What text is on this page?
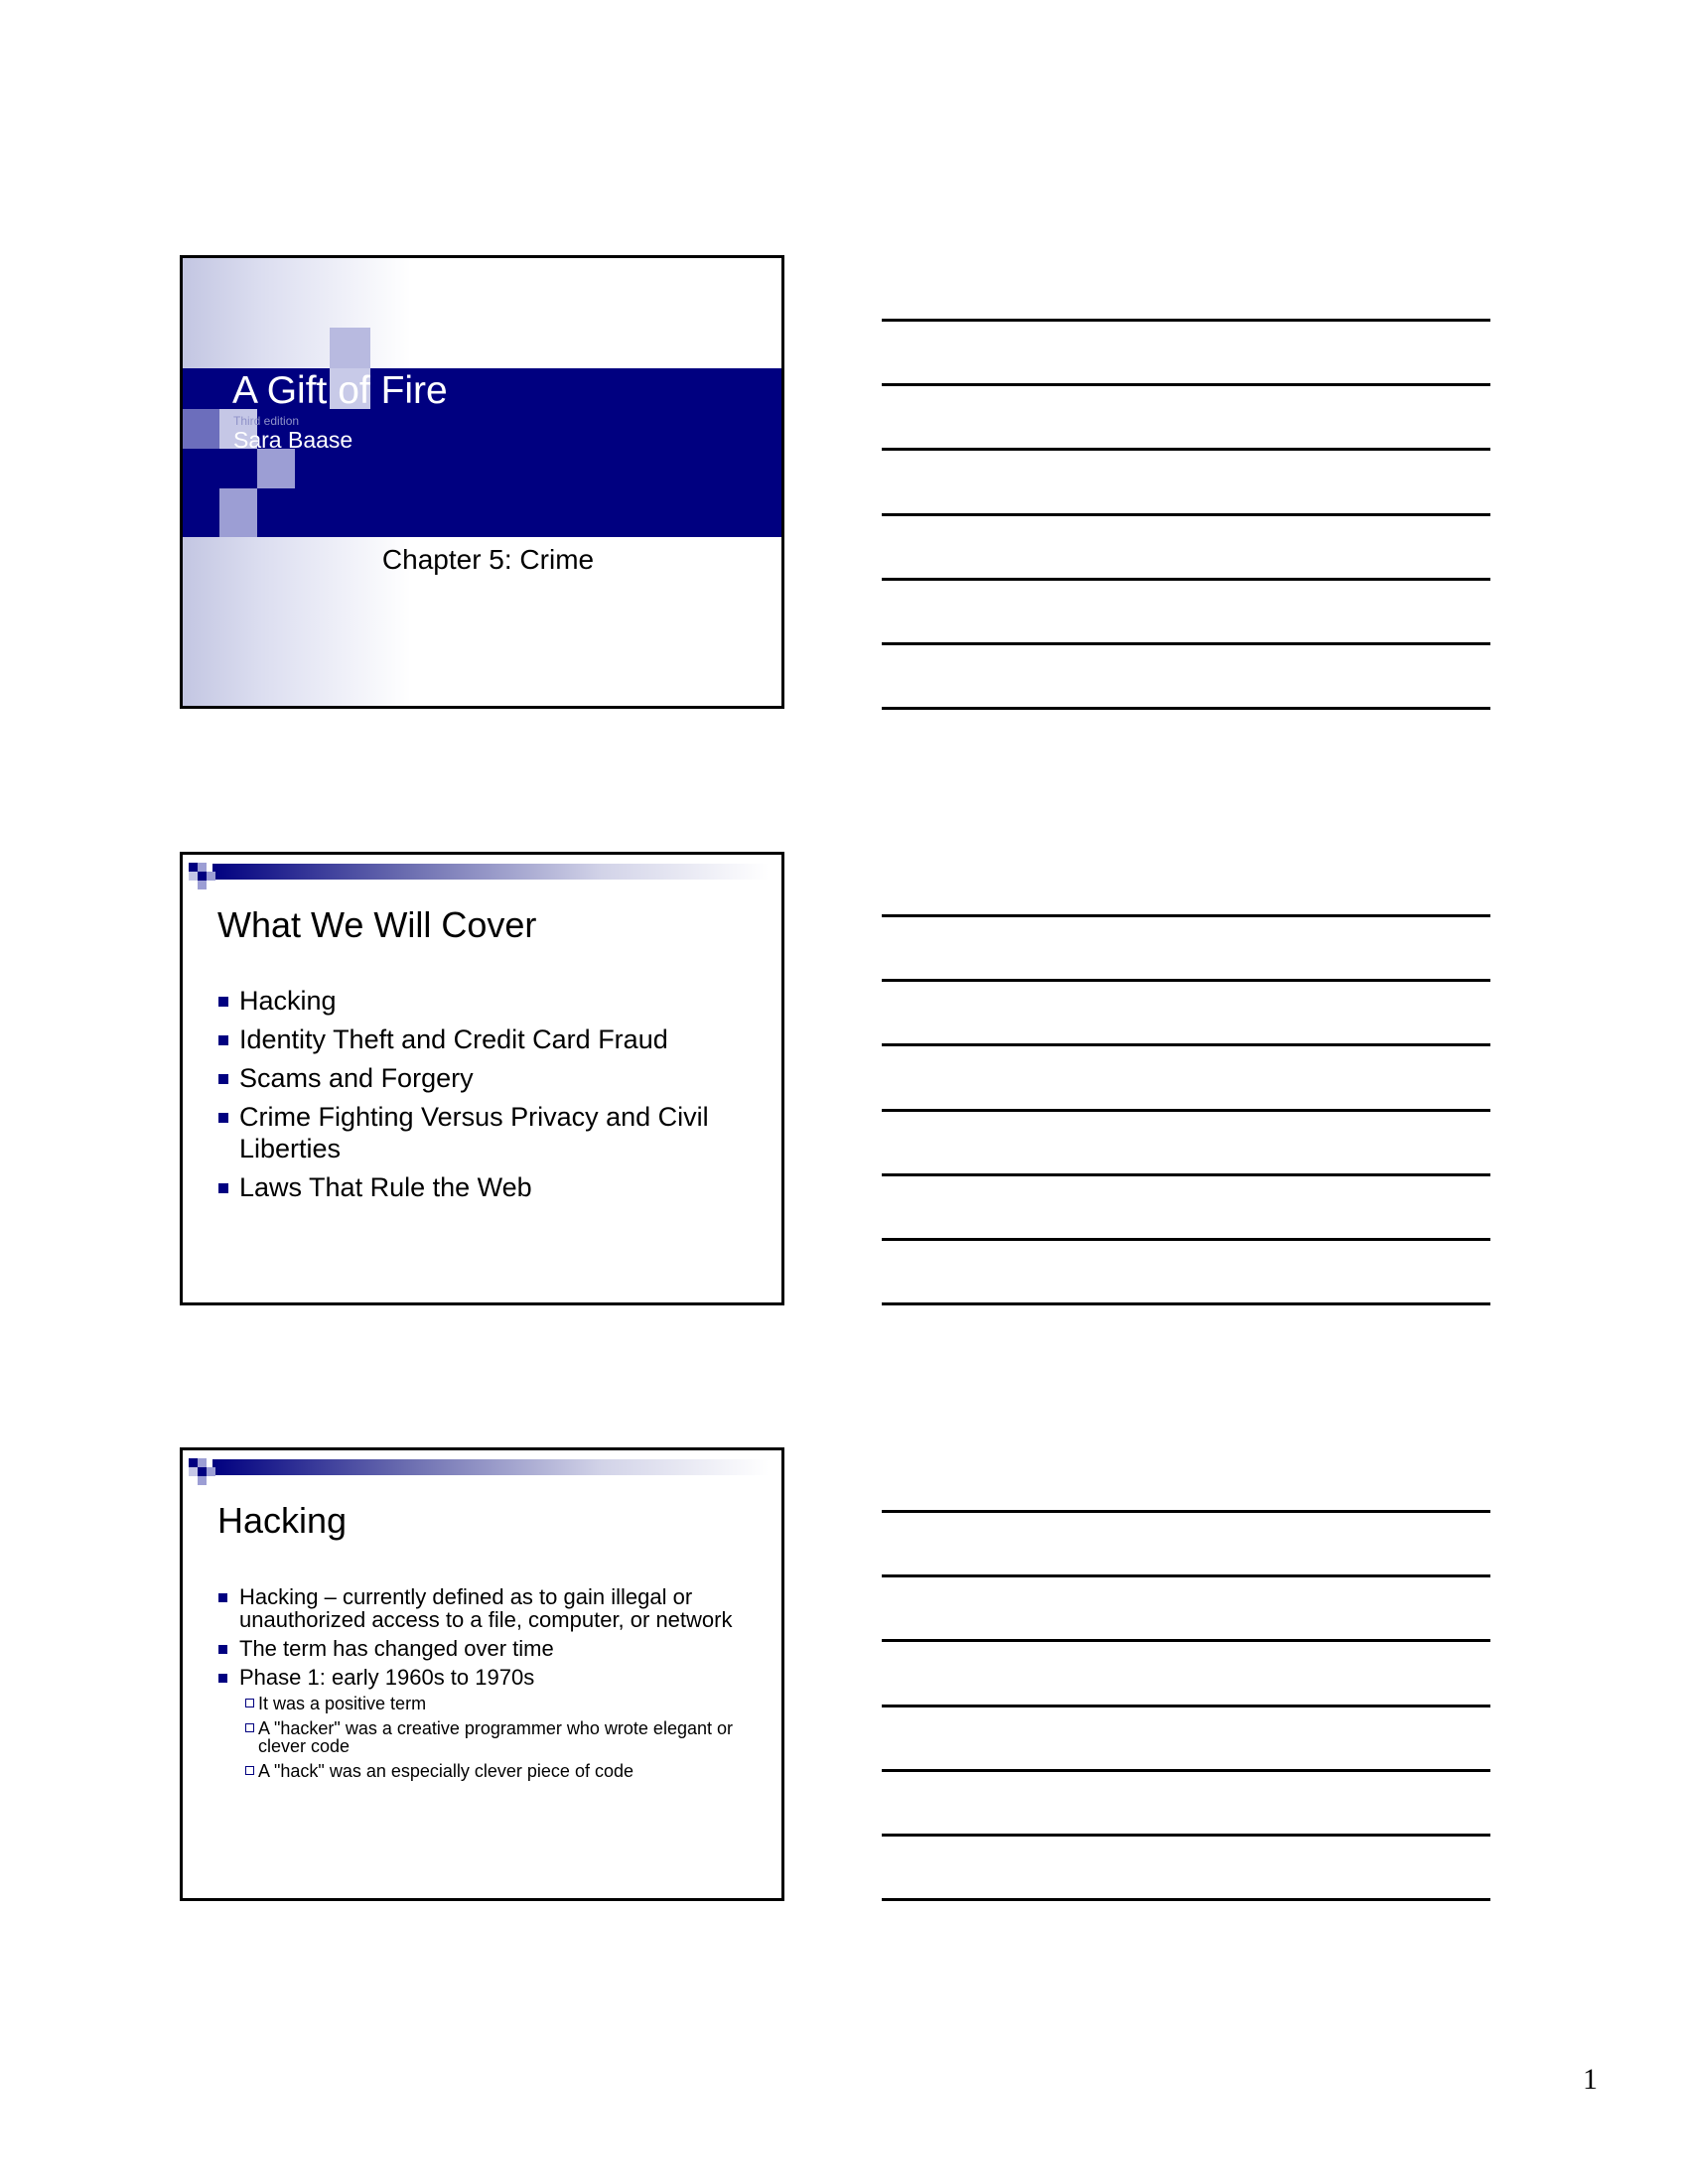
A Gift of Fire
Third edition
Sara Baase
Chapter 5: Crime
What We Will Cover
Hacking
Identity Theft and Credit Card Fraud
Scams and Forgery
Crime Fighting Versus Privacy and Civil Liberties
Laws That Rule the Web
Hacking
Hacking – currently defined as to gain illegal or unauthorized access to a file, computer, or network
The term has changed over time
Phase 1: early 1960s to 1970s
It was a positive term
A "hacker" was a creative programmer who wrote elegant or clever code
A "hack" was an especially clever piece of code
1
